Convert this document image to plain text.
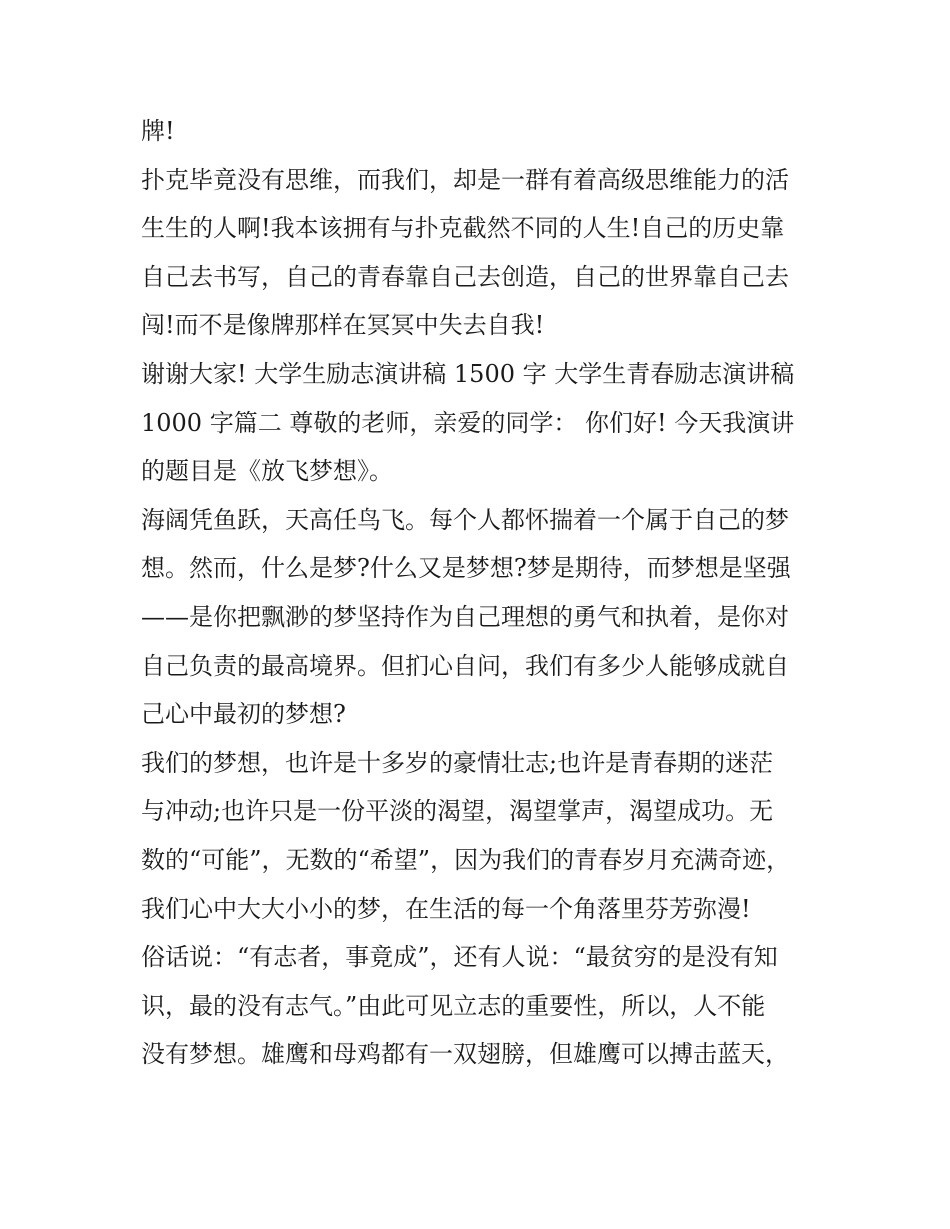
牌!
扑克毕竟没有思维，而我们，却是一群有着高级思维能力的活
生生的人啊!我本该拥有与扑克截然不同的人生!自己的历史靠
自己去书写，自己的青春靠自己去创造，自己的世界靠自己去
闯!而不是像牌那样在冥冥中失去自我!
谢谢大家! 大学生励志演讲稿 1500 字 大学生青春励志演讲稿
1000 字篇二 尊敬的老师，亲爱的同学： 你们好! 今天我演讲
的题目是《放飞梦想》。
海阔凭鱼跃，天高任鸟飞。每个人都怀揣着一个属于自己的梦
想。然而，什么是梦?什么又是梦想?梦是期待，而梦想是坚强
——是你把飘渺的梦坚持作为自己理想的勇气和执着，是你对
自己负责的最高境界。但扪心自问，我们有多少人能够成就自
己心中最初的梦想?
我们的梦想，也许是十多岁的豪情壮志;也许是青春期的迷茫
与冲动;也许只是一份平淡的渴望，渴望掌声，渴望成功。无
数的“可能”，无数的“希望”，因为我们的青春岁月充满奇迹，
我们心中大大小小的梦，在生活的每一个角落里芬芳弥漫!
俗话说：“有志者，事竟成”，还有人说：“最贫穷的是没有知
识，最的没有志气。”由此可见立志的重要性，所以，人不能
没有梦想。雄鹰和母鸡都有一双翅膀，但雄鹰可以搏击蓝天，
